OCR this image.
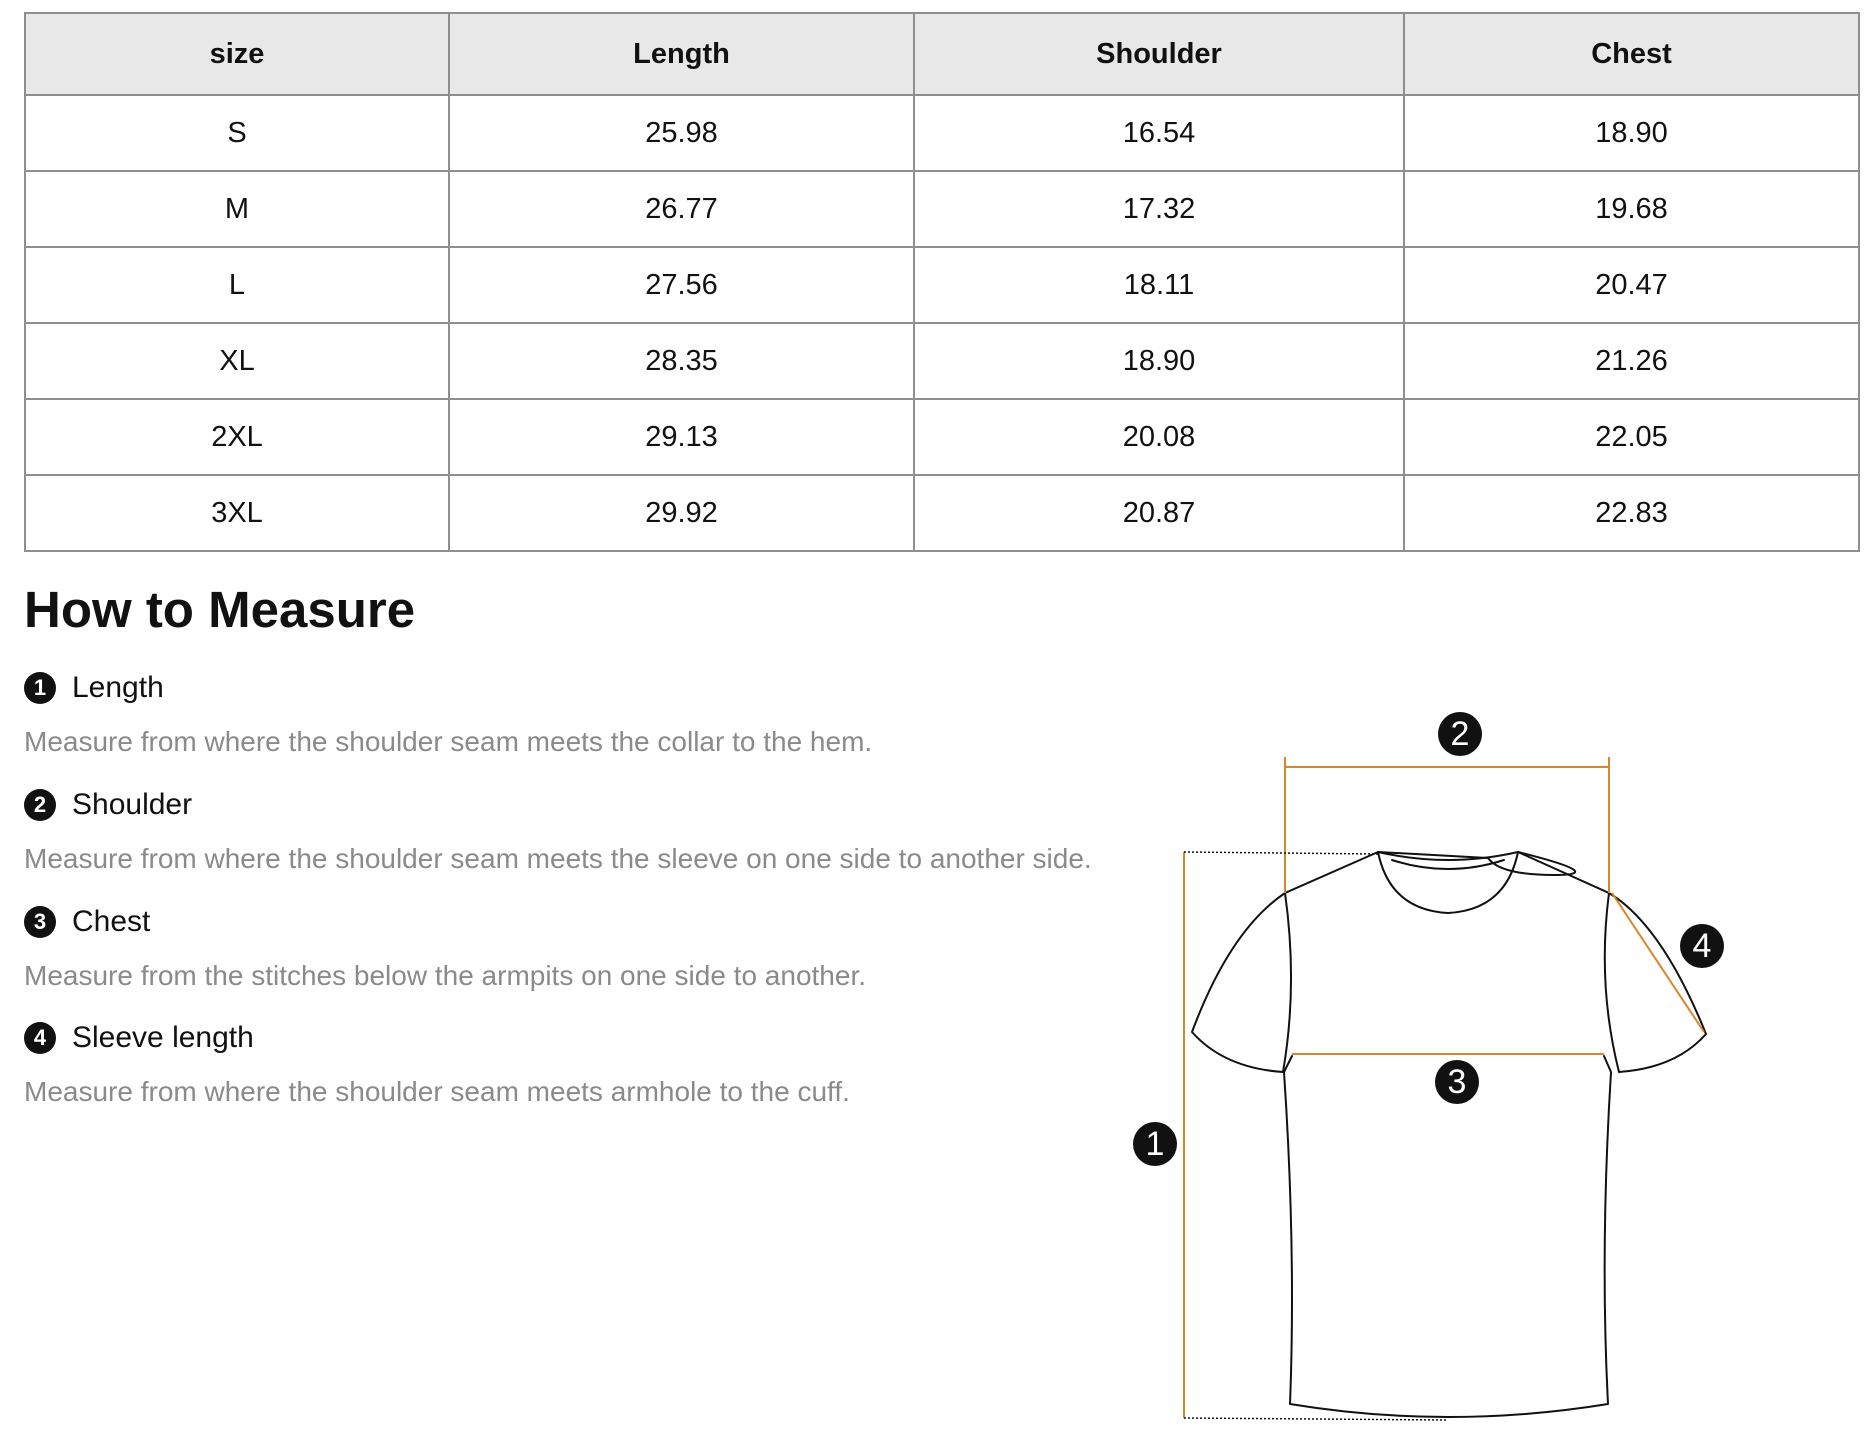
size	Length	Shoulder	Chest
S	25.98	16.54	18.90
M	26.77	17.32	19.68
L	27.56	18.11	20.47
XL	28.35	18.90	21.26
2XL	29.13	20.08	22.05
3XL	29.92	20.87	22.83
How to Measure
1 Length
Measure from where the shoulder seam meets the collar to the hem.
2 Shoulder
Measure from where the shoulder seam meets the sleeve on one side to another side.
3 Chest
Measure from the stitches below the armpits on one side to another.
4 Sleeve length
Measure from where the shoulder seam meets armhole to the cuff.
1
2
3
4
